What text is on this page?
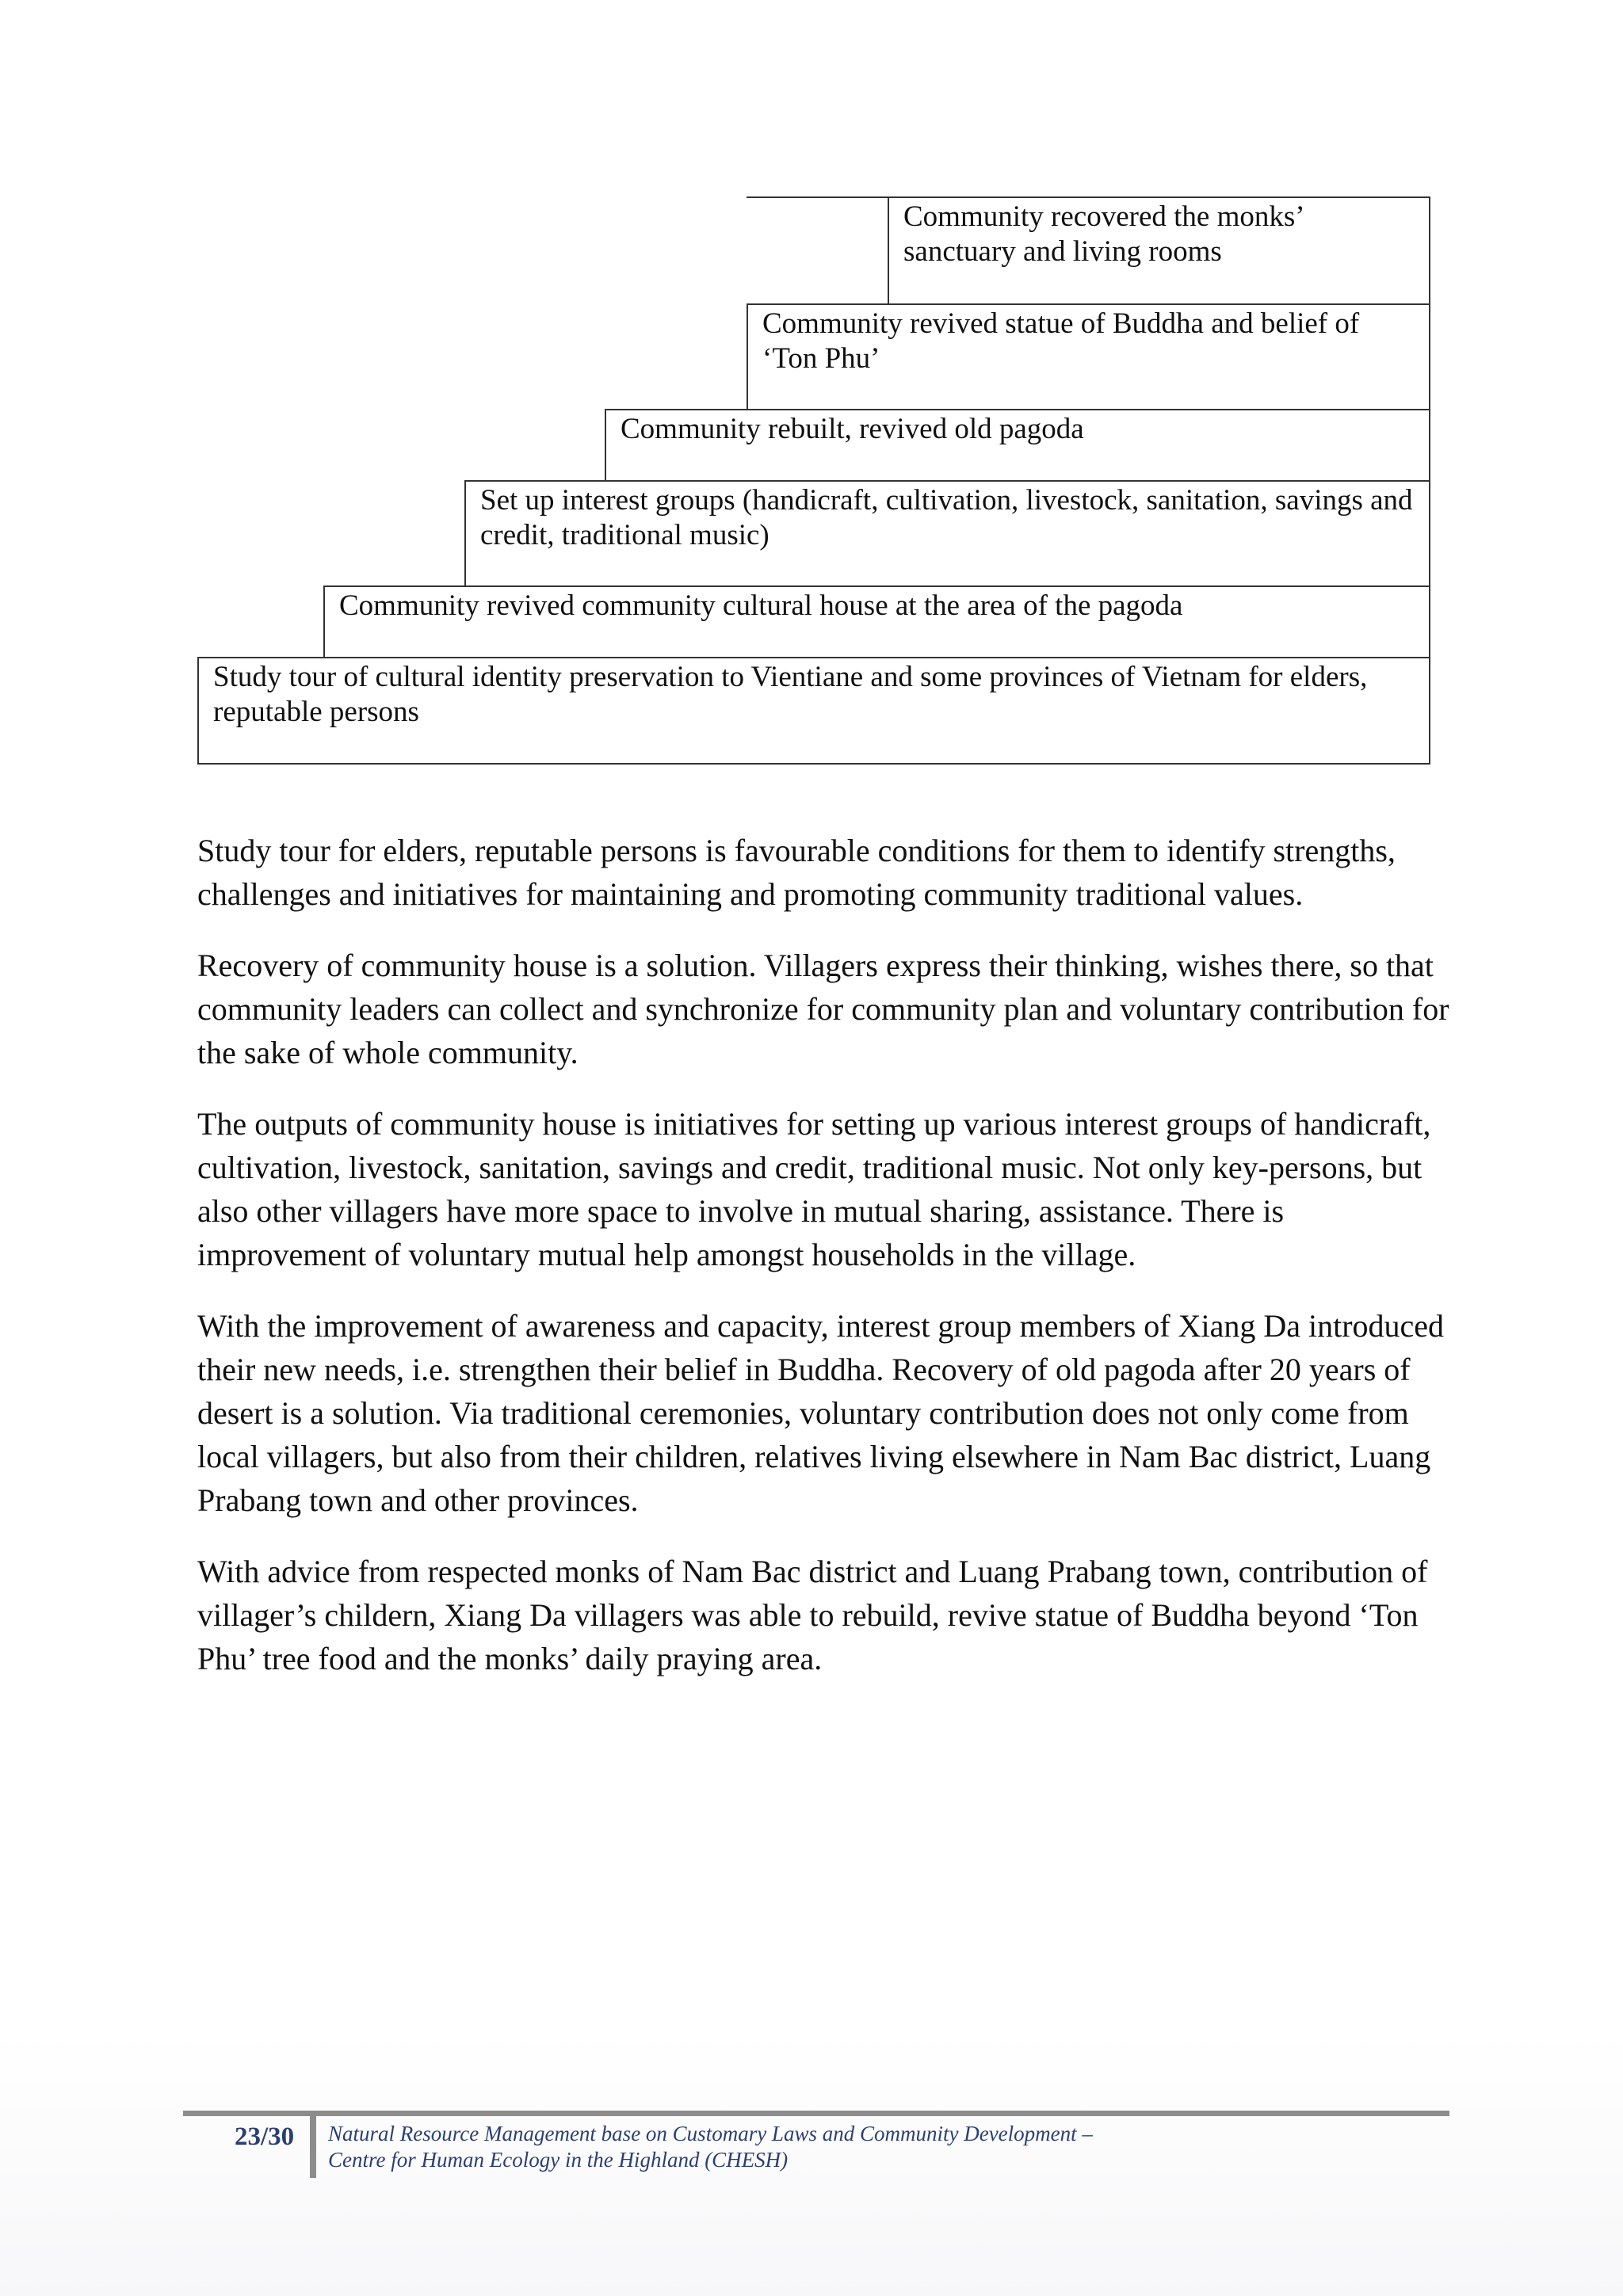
Community recovered the monks’ sanctuary and living rooms
Community revived statue of Buddha and belief of ‘Ton Phu’
Community rebuilt, revived old pagoda
Set up interest groups (handicraft, cultivation, livestock, sanitation, savings and credit, traditional music)
Community revived community cultural house at the area of the pagoda
Study tour of cultural identity preservation to Vientiane and some provinces of Vietnam for elders, reputable persons

Study tour for elders, reputable persons is favourable conditions for them to identify strengths, challenges and initiatives for maintaining and promoting community traditional values.

Recovery of community house is a solution. Villagers express their thinking, wishes there, so that community leaders can collect and synchronize for community plan and voluntary contribution for the sake of whole community.

The outputs of community house is initiatives for setting up various interest groups of handicraft, cultivation, livestock, sanitation, savings and credit, traditional music. Not only key-persons, but also other villagers have more space to involve in mutual sharing, assistance. There is improvement of voluntary mutual help amongst households in the village.

With the improvement of awareness and capacity, interest group members of Xiang Da introduced their new needs, i.e. strengthen their belief in Buddha. Recovery of old pagoda after 20 years of desert is a solution. Via traditional ceremonies, voluntary contribution does not only come from local villagers, but also from their children, relatives living elsewhere in Nam Bac district, Luang Prabang town and other provinces.

With advice from respected monks of Nam Bac district and Luang Prabang town, contribution of villager’s childern, Xiang Da villagers was able to rebuild, revive statue of Buddha beyond ‘Ton Phu’ tree food and the monks’ daily praying area.

23/30 Natural Resource Management base on Customary Laws and Community Development –
Centre for Human Ecology in the Highland (CHESH)
